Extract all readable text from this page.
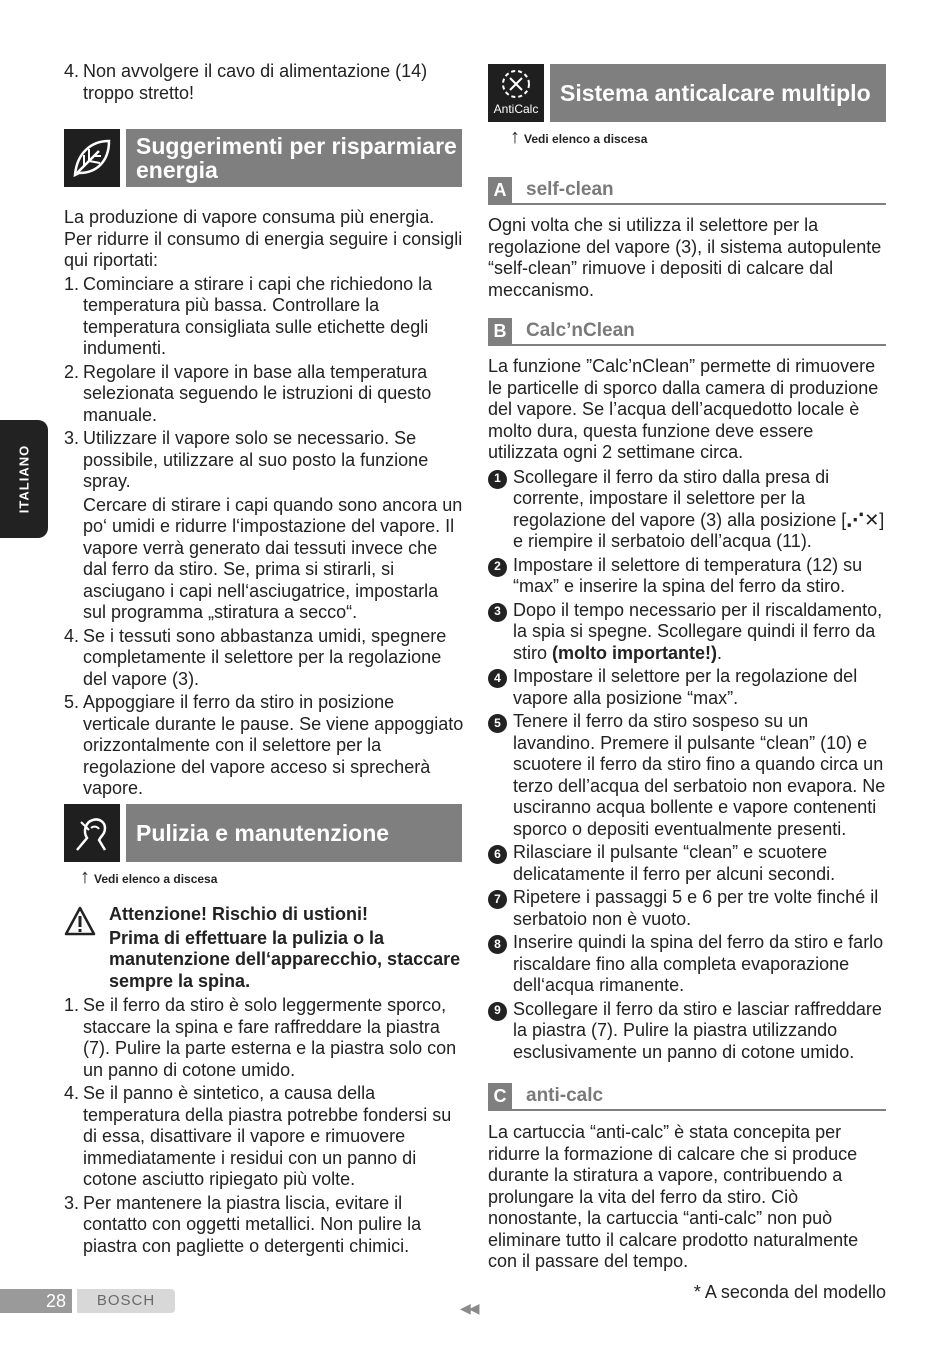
ITALIANO
4. Non avvolgere il cavo di alimentazione (14) troppo stretto!
Suggerimenti per risparmiare energia

La produzione di vapore consuma più energia. Per ridurre il consumo di energia seguire i consigli qui riportati:

1. Cominciare a stirare i capi che richiedono la temperatura più bassa. Controllare la temperatura consigliata sulle etichette degli indumenti.
2. Regolare il vapore in base alla temperatura selezionata seguendo le istruzioni di questo manuale.
3. Utilizzare il vapore solo se necessario. Se possibile, utilizzare al suo posto la funzione spray.
Cercare di stirare i capi quando sono ancora un po‘ umidi e ridurre l‘impostazione del vapore. Il vapore verrà generato dai tessuti invece che dal ferro da stiro. Se, prima si stirarli, si asciugano i capi nell‘asciugatrice, impostarla sul programma „stiratura a secco“.
4. Se i tessuti sono abbastanza umidi, spegnere completamente il selettore per la regolazione del vapore (3).
5. Appoggiare il ferro da stiro in posizione verticale durante le pause. Se viene appoggiato orizzontalmente con il selettore per la regolazione del vapore acceso si sprecherà vapore.
Pulizia e manutenzione
↑ Vedi elenco a discesa
Attenzione! Rischio di ustioni!
Prima di effettuare la pulizia o la manutenzione dell‘apparecchio, staccare sempre la spina.
1. Se il ferro da stiro è solo leggermente sporco, staccare la spina e fare raffreddare la piastra (7). Pulire la parte esterna e la piastra solo con un panno di cotone umido.
4. Se il panno è sintetico, a causa della temperatura della piastra potrebbe fondersi su di essa, disattivare il vapore e rimuovere immediatamente i residui con un panno di cotone asciutto ripiegato più volte.
3. Per mantenere la piastra liscia, evitare il contatto con oggetti metallici. Non pulire la piastra con pagliette o detergenti chimici.
AntiCalc
Sistema anticalcare multiplo
↑ Vedi elenco a discesa
A self-clean

Ogni volta che si utilizza il selettore per la regolazione del vapore (3), il sistema autopulente “self-clean” rimuove i depositi di calcare dal meccanismo.

B Calc’nClean

La funzione ”Calc’nClean” permette di rimuovere le particelle di sporco dalla camera di produzione del vapore. Se l’acqua dell’acquedotto locale è molto dura, questa funzione deve essere utilizzata ogni 2 settimane circa.

1 Scollegare il ferro da stiro dalla presa di corrente, impostare il selettore per la regolazione del vapore (3) alla posizione [⋰✕] e riempire il serbatoio dell’acqua (11).
2 Impostare il selettore di temperatura (12) su “max” e inserire la spina del ferro da stiro.
3 Dopo il tempo necessario per il riscaldamento, la spia si spegne. Scollegare quindi il ferro da stiro (molto importante!).
4 Impostare il selettore per la regolazione del vapore alla posizione “max”.
5 Tenere il ferro da stiro sospeso su un lavandino. Premere il pulsante “clean” (10) e scuotere il ferro da stiro fino a quando circa un terzo dell’acqua del serbatoio non evapora. Ne usciranno acqua bollente e vapore contenenti sporco o depositi eventualmente presenti.
6 Rilasciare il pulsante “clean” e scuotere delicatamente il ferro per alcuni secondi.
7 Ripetere i passaggi 5 e 6 per tre volte finché il serbatoio non è vuoto.
8 Inserire quindi la spina del ferro da stiro e farlo riscaldare fino alla completa evaporazione dell‘acqua rimanente.
9 Scollegare il ferro da stiro e lasciar raffreddare la piastra (7). Pulire la piastra utilizzando esclusivamente un panno di cotone umido.
C anti-calc

La cartuccia “anti-calc” è stata concepita per ridurre la formazione di calcare che si produce durante la stiratura a vapore, contribuendo a prolungare la vita del ferro da stiro. Ciò nonostante, la cartuccia “anti-calc” non può eliminare tutto il calcare prodotto naturalmente con il passare del tempo.

28	BOSCH	◀◀
* A seconda del modello
